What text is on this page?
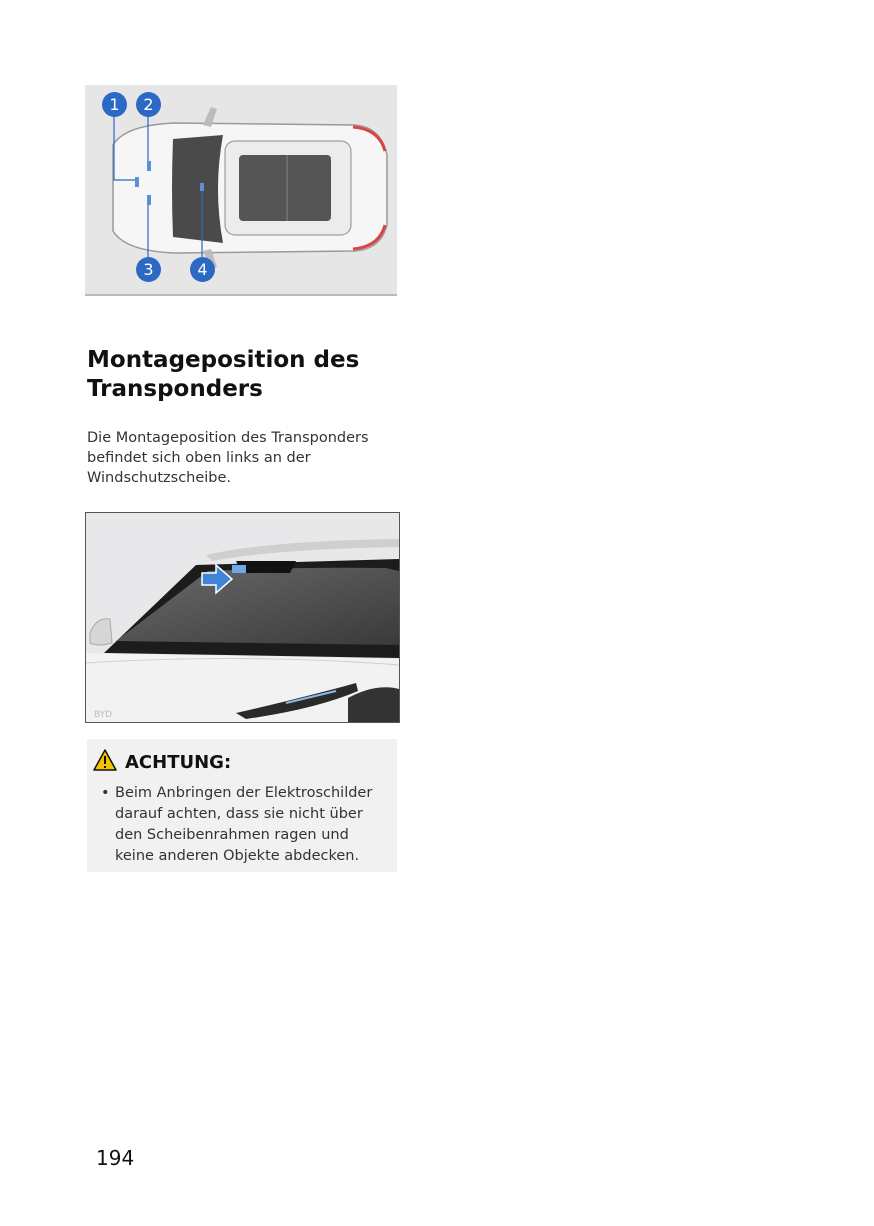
1	2
3	4
Montageposition des
Transponders

Die Montageposition des Transponders befindet sich oben links an der Windschutzscheibe.

BYD
ACHTUNG:
• Beim Anbringen der Elektroschilder darauf achten, dass sie nicht über den Scheibenrahmen ragen und keine anderen Objekte abdecken.
194
